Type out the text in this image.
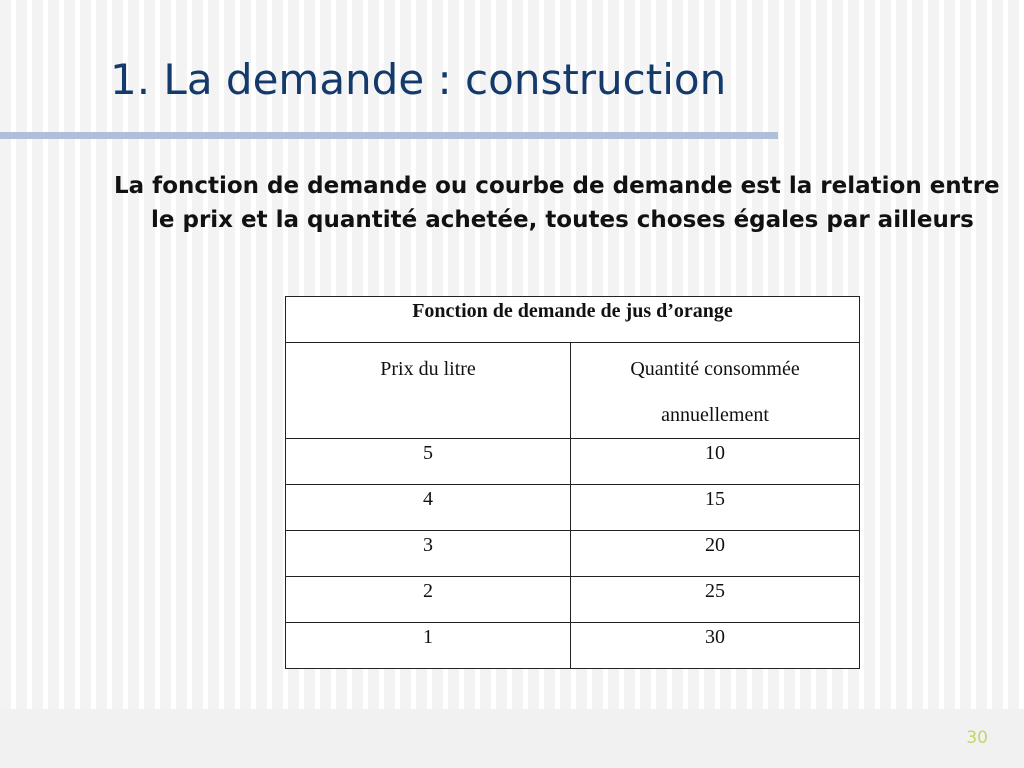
1. La demande : construction

La fonction de demande ou courbe de demande est la relation entre le prix et la quantité achetée, toutes choses égales par ailleurs

Fonction de demande de jus d’orange	

Prix du litre	Quantité consommée
annuellement

5	10
4	15
3	20
2	25
1	30
30
